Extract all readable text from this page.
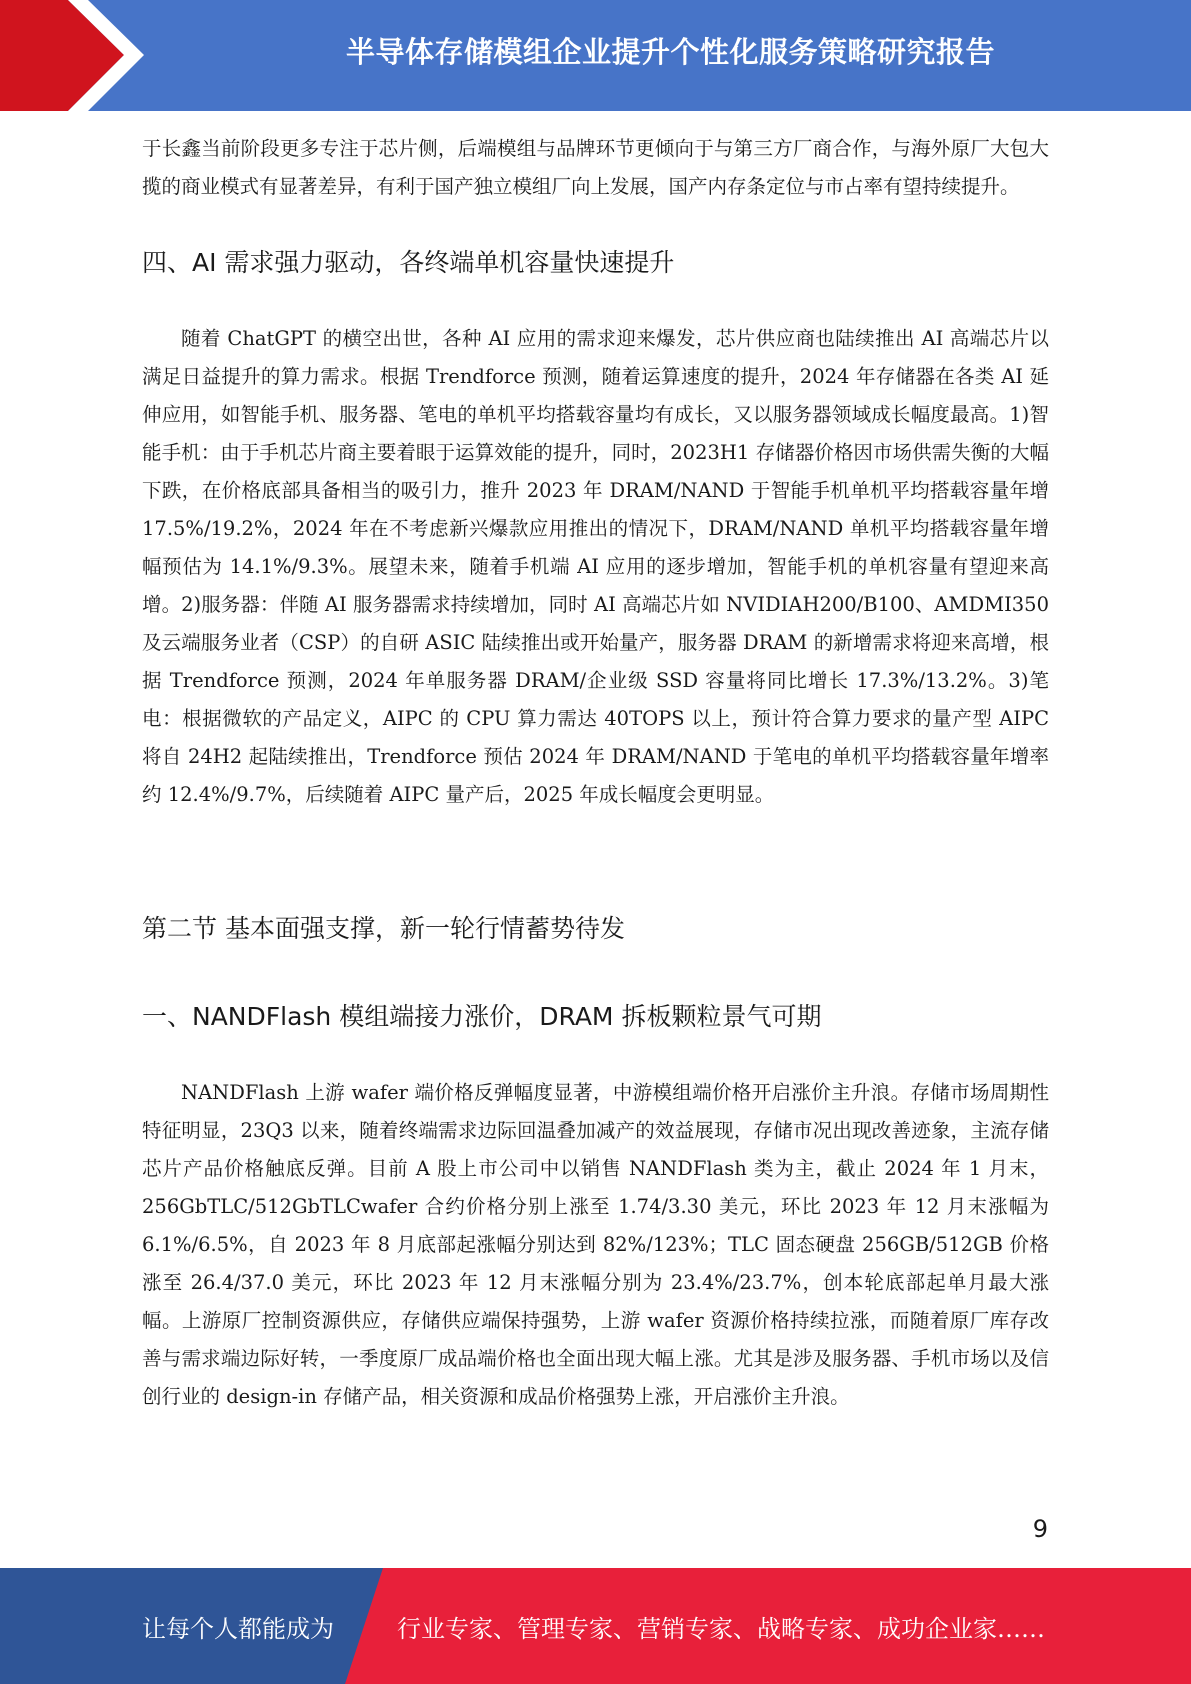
半导体存储模组企业提升个性化服务策略研究报告

于长鑫当前阶段更多专注于芯片侧，后端模组与品牌环节更倾向于与第三方厂商合作，与海外原厂大包大揽的商业模式有显著差异，有利于国产独立模组厂向上发展，国产内存条定位与市占率有望持续提升。

四、AI 需求强力驱动，各终端单机容量快速提升

随着 ChatGPT 的横空出世，各种 AI 应用的需求迎来爆发，芯片供应商也陆续推出 AI 高端芯片以满足日益提升的算力需求。根据 Trendforce 预测，随着运算速度的提升，2024 年存储器在各类 AI 延伸应用，如智能手机、服务器、笔电的单机平均搭载容量均有成长，又以服务器领域成长幅度最高。1)智能手机：由于手机芯片商主要着眼于运算效能的提升，同时，2023H1 存储器价格因市场供需失衡的大幅下跌，在价格底部具备相当的吸引力，推升 2023 年 DRAM/NAND 于智能手机单机平均搭载容量年增 17.5%/19.2%，2024 年在不考虑新兴爆款应用推出的情况下，DRAM/NAND 单机平均搭载容量年增幅预估为 14.1%/9.3%。展望未来，随着手机端 AI 应用的逐步增加，智能手机的单机容量有望迎来高增。2)服务器：伴随 AI 服务器需求持续增加，同时 AI 高端芯片如 NVIDIAH200/B100、AMDMI350 及云端服务业者（CSP）的自研 ASIC 陆续推出或开始量产，服务器 DRAM 的新增需求将迎来高增，根据 Trendforce 预测，2024 年单服务器 DRAM/企业级 SSD 容量将同比增长 17.3%/13.2%。3)笔电：根据微软的产品定义，AIPC 的 CPU 算力需达 40TOPS 以上，预计符合算力要求的量产型 AIPC 将自 24H2 起陆续推出，Trendforce 预估 2024 年 DRAM/NAND 于笔电的单机平均搭载容量年增率约 12.4%/9.7%，后续随着 AIPC 量产后，2025 年成长幅度会更明显。

第二节 基本面强支撑，新一轮行情蓄势待发
一、NANDFlash 模组端接力涨价，DRAM 拆板颗粒景气可期

NANDFlash 上游 wafer 端价格反弹幅度显著，中游模组端价格开启涨价主升浪。存储市场周期性特征明显，23Q3 以来，随着终端需求边际回温叠加减产的效益展现，存储市况出现改善迹象，主流存储芯片产品价格触底反弹。目前 A 股上市公司中以销售 NANDFlash 类为主，截止 2024 年 1 月末，256GbTLC/512GbTLCwafer 合约价格分别上涨至 1.74/3.30 美元，环比 2023 年 12 月末涨幅为 6.1%/6.5%，自 2023 年 8 月底部起涨幅分别达到 82%/123%；TLC 固态硬盘 256GB/512GB 价格涨至 26.4/37.0 美元，环比 2023 年 12 月末涨幅分别为 23.4%/23.7%，创本轮底部起单月最大涨幅。上游原厂控制资源供应，存储供应端保持强势，上游 wafer 资源价格持续拉涨，而随着原厂库存改善与需求端边际好转，一季度原厂成品端价格也全面出现大幅上涨。尤其是涉及服务器、手机市场以及信创行业的 design-in 存储产品，相关资源和成品价格强势上涨，开启涨价主升浪。

9
让每个人都能成为	行业专家、管理专家、营销专家、战略专家、成功企业家……
